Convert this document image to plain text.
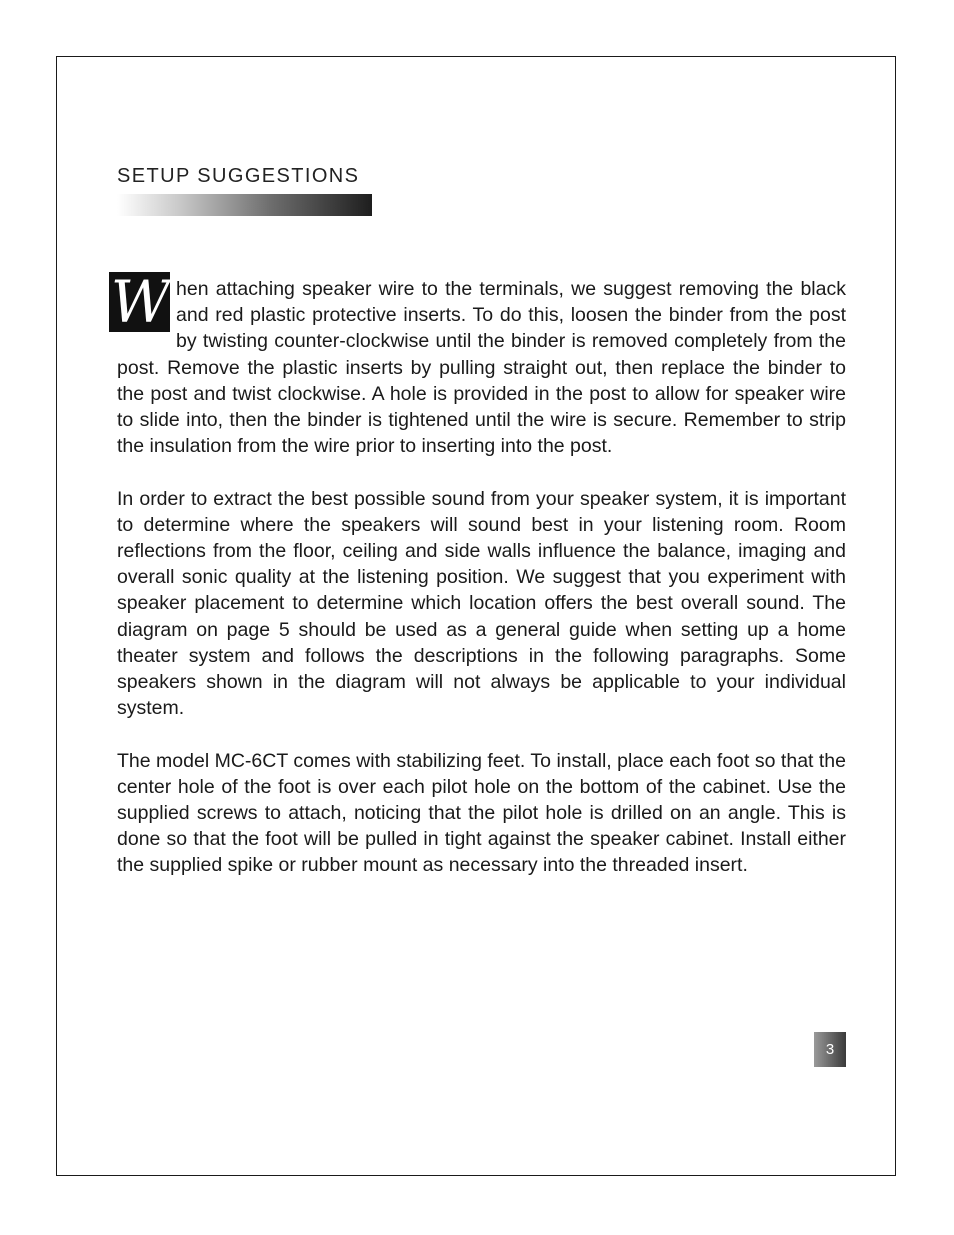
SETUP SUGGESTIONS

W hen attaching speaker wire to the terminals, we suggest removing the black and red plastic protective inserts. To do this, loosen the binder from the post by twisting counter-clockwise until the binder is removed completely from the post. Remove the plastic inserts by pulling straight out, then replace the binder to the post and twist clockwise. A hole is provided in the post to allow for speaker wire to slide into, then the binder is tightened until the wire is secure. Remember to strip the insulation from the wire prior to inserting into the post.

In order to extract the best possible sound from your speaker system, it is important to determine where the speakers will sound best in your listening room. Room reflections from the floor, ceiling and side walls influence the balance, imaging and overall sonic quality at the listening position. We suggest that you experiment with speaker placement to determine which location offers the best overall sound. The diagram on page 5 should be used as a general guide when setting up a home theater system and follows the descriptions in the following paragraphs. Some speakers shown in the diagram will not always be applicable to your individual system.

The model MC-6CT comes with stabilizing feet. To install, place each foot so that the center hole of the foot is over each pilot hole on the bottom of the cabinet. Use the supplied screws to attach, noticing that the pilot hole is drilled on an angle. This is done so that the foot will be pulled in tight against the speaker cabinet. Install either the supplied spike or rubber mount as necessary into the threaded insert.

3
